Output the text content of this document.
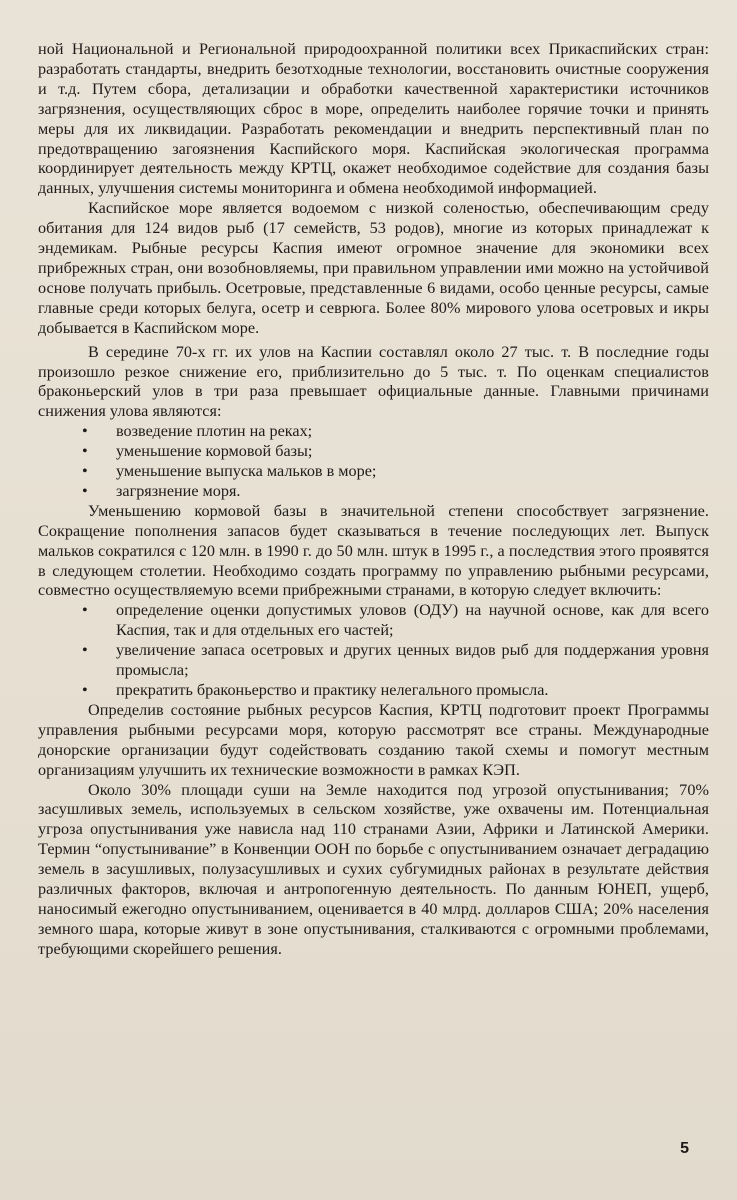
ной Национальной и Региональной природоохранной политики всех Прикаспийских стран: разработать стандарты, внедрить безотходные технологии, восстановить очистные сооружения и т.д. Путем сбора, детализации и обработки качественной характеристики источников загрязнения, осуществляющих сброс в море, определить наиболее горячие точки и принять меры для их ликвидации. Разработать рекомендации и внедрить перспективный план по предотвращению загоязнения Каспийского моря. Каспийская экологическая программа координирует деятельность между КРТЦ, окажет необходимое содействие для создания базы данных, улучшения системы мониторинга и обмена необходимой информацией.

Каспийское море является водоемом с низкой соленостью, обеспечивающим среду обитания для 124 видов рыб (17 семейств, 53 родов), многие из которых принадлежат к эндемикам. Рыбные ресурсы Каспия имеют огромное значение для экономики всех прибрежных стран, они возобновляемы, при правильном управлении ими можно на устойчивой основе получать прибыль. Осетровые, представленные 6 видами, особо ценные ресурсы, самые главные среди которых белуга, осетр и севрюга. Более 80% мирового улова осетровых и икры добывается в Каспийском море.

В середине 70-х гг. их улов на Каспии составлял около 27 тыс. т. В последние годы произошло резкое снижение его, приблизительно до 5 тыс. т. По оценкам специалистов браконьерский улов в три раза превышает официальные данные. Главными причинами снижения улова являются:

• возведение плотин на реках;
• уменьшение кормовой базы;
• уменьшение выпуска мальков в море;
• загрязнение моря.

Уменьшению кормовой базы в значительной степени способствует загрязнение. Сокращение пополнения запасов будет сказываться в течение последующих лет. Выпуск мальков сократился с 120 млн. в 1990 г. до 50 млн. штук в 1995 г., а последствия этого проявятся в следующем столетии. Необходимо создать программу по управлению рыбными ресурсами, совместно осуществляемую всеми прибрежными странами, в которую следует включить:

• определение оценки допустимых уловов (ОДУ) на научной основе, как для всего Каспия, так и для отдельных его частей;
• увеличение запаса осетровых и других ценных видов рыб для поддержания уровня промысла;
• прекратить браконьерство и практику нелегального промысла.

Определив состояние рыбных ресурсов Каспия, КРТЦ подготовит проект Программы управления рыбными ресурсами моря, которую рассмотрят все страны. Международные донорские организации будут содействовать созданию такой схемы и помогут местным организациям улучшить их технические возможности в рамках КЭП.

Около 30% площади суши на Земле находится под угрозой опустынивания; 70% засушливых земель, используемых в сельском хозяйстве, уже охвачены им. Потенциальная угроза опустынивания уже нависла над 110 странами Азии, Африки и Латинской Америки. Термин “опустынивание” в Конвенции ООН по борьбе с опустыниванием означает деградацию земель в засушливых, полузасушливых и сухих субгумидных районах в результате действия различных факторов, включая и антропогенную деятельность. По данным ЮНЕП, ущерб, наносимый ежегодно опустыниванием, оценивается в 40 млрд. долларов США; 20% населения земного шара, которые живут в зоне опустынивания, сталкиваются с огромными проблемами, требующими скорейшего решения.

5
